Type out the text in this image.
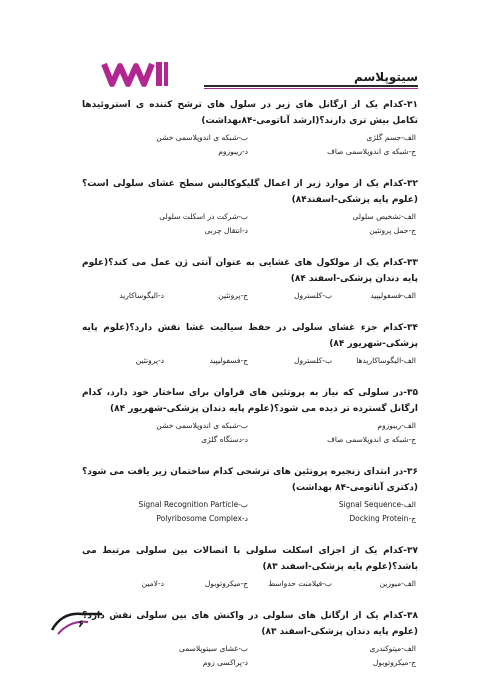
سیتوپلاسم
۳۱-کدام یک از ارگانل های زیر در سلول های ترشح کننده ی استروئیدها تکامل بیش تری دارند؟(ارشد آناتومی-۸۴بهداشت)
الف-جسم گلژی
ب-شبکه ی اندوپلاسمی خشن
ج-شبکه ی اندوپلاسمی صاف
د-ریبوزوم
۳۲-کدام یک از موارد زیر از اعمال گلیکوکالیس سطح غشای سلولی است؟(علوم پایه پزشکی-اسفند۸۴)
الف-تشخیص سلولی
ب-شرکت در اسکلت سلولی
ج-حمل پروتئین
د-انتقال چربی
۳۳-کدام یک از مولکول های غشایی به عنوان آنتی ژن عمل می کند؟(علوم پایه دندان پزشکی-اسفند ۸۴)
الف-فسفولیپید
ب-کلسترول
ج-پروتئین
د-الیگوساکارید
۳۴-کدام جزء غشای سلولی در حفظ سیالیت غشا نقش دارد؟(علوم پایه پزشکی-شهریور ۸۴)
الف-الیگوساکاریدها
ب-کلسترول
ج-فسفولیپید
د-پروتئین
۳۵-در سلولی که نیاز به پروتئین های فراوان برای ساختار خود دارد، کدام ارگانل گسترده تر دیده می شود؟(علوم پایه دندان پزشکی-شهریور ۸۴)
الف-ریبوزوم
ب-شبکه ی اندوپلاسمی خشن
ج-شبکه ی اندوپلاسمی صاف
د-دستگاه گلژی
۳۶-در ابتدای زنجیره پروتئین های ترشحی کدام ساختمان زیر یافت می شود؟(دکتری آناتومی-۸۴ بهداشت)
الف-Signal Sequence
ب-Signal Recognition Particle
ج-Docking Protein
د-Polyribosome Complex
۳۷-کدام یک از اجزای اسکلت سلولی با اتصالات بین سلولی مرتبط می باشد؟(علوم پایه پزشکی-اسفند ۸۳)
الف-میوزین
ب-فیلامنت حدواسط
ج-میکروتوبول
د-لامین
۳۸-کدام یک از ارگانل های سلولی در واکنش های بین سلولی نقش دارد؟(علوم پایه دندان پزشکی-اسفند ۸۳)
الف-میتوکندری
ب-غشای سیتوپلاسمی
ج-میکروتوبول
د-پراکسی زوم
۶
